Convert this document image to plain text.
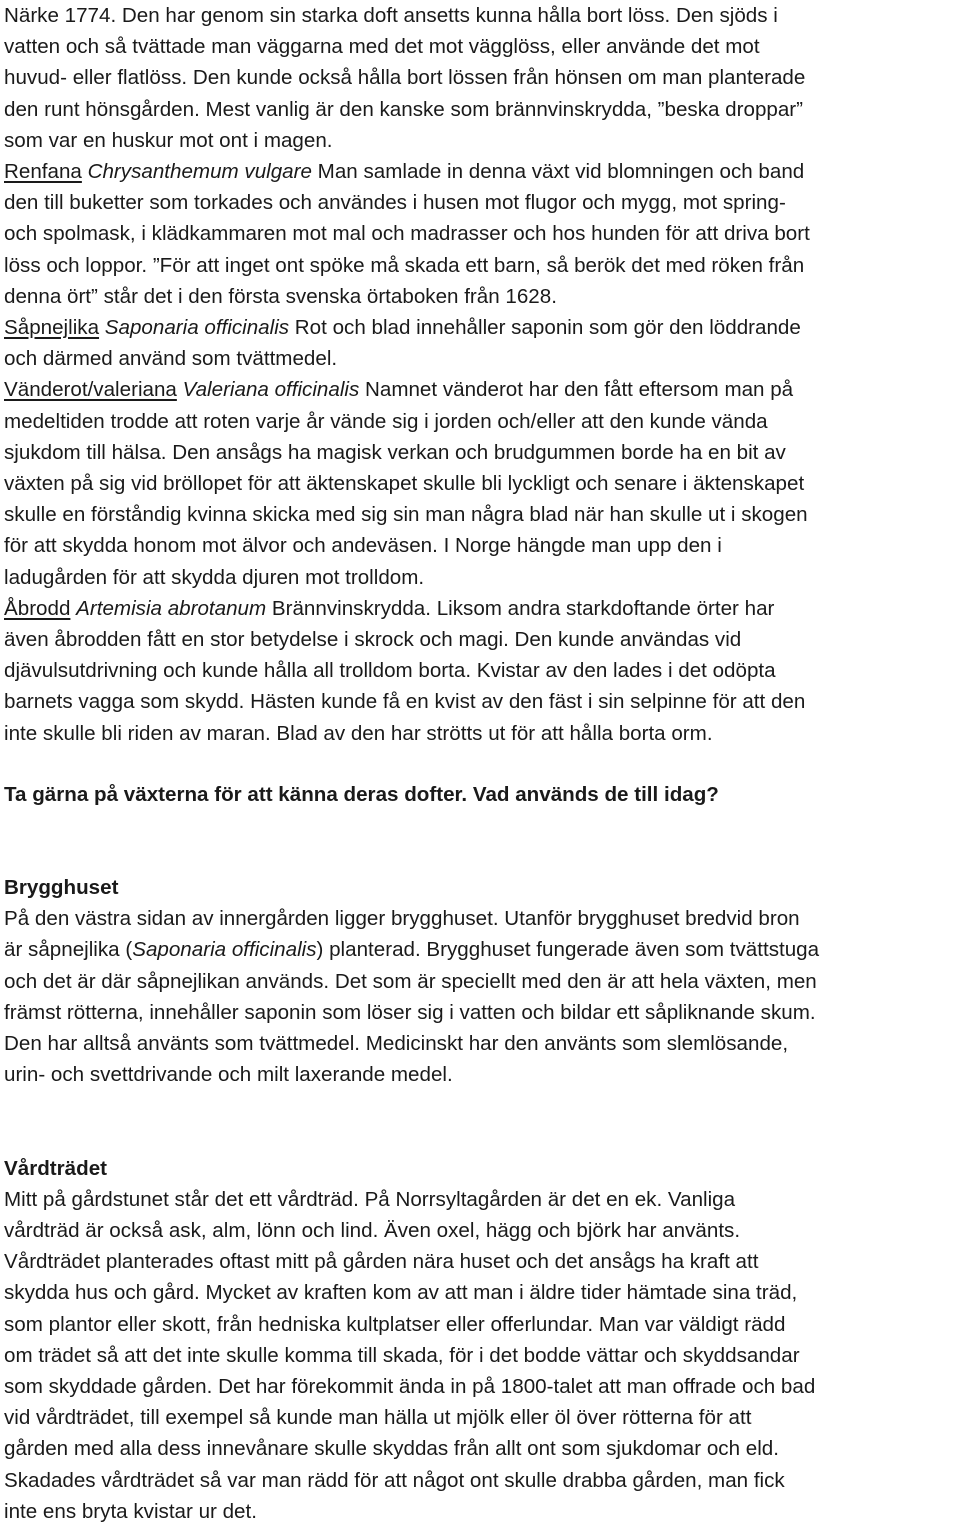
Närke 1774. Den har genom sin starka doft ansetts kunna hålla bort löss. Den sjöds i
vatten och så tvättade man väggarna med det mot vägglöss, eller använde det mot
huvud- eller flatlöss. Den kunde också hålla bort lössen från hönsen om man planterade
den runt hönsgården. Mest vanlig är den kanske som brännvinskrydda, ”beska droppar”
som var en huskur mot ont i magen.
Renfana Chrysanthemum vulgare Man samlade in denna växt vid blomningen och band
den till buketter som torkades och användes i husen mot flugor och mygg, mot spring-
och spolmask, i klädkammaren mot mal och madrasser och hos hunden för att driva bort
löss och loppor. ”För att inget ont spöke må skada ett barn, så berök det med röken från
denna ört” står det i den första svenska örtaboken från 1628.
Såpnejlika Saponaria officinalis Rot och blad innehåller saponin som gör den löddrande
och därmed använd som tvättmedel.
Vänderot/valeriana Valeriana officinalis Namnet vänderot har den fått eftersom man på
medeltiden trodde att roten varje år vände sig i jorden och/eller att den kunde vända
sjukdom till hälsa. Den ansågs ha magisk verkan och brudgummen borde ha en bit av
växten på sig vid bröllopet för att äktenskapet skulle bli lyckligt och senare i äktenskapet
skulle en förståndig kvinna skicka med sig sin man några blad när han skulle ut i skogen
för att skydda honom mot älvor och andeväsen. I Norge hängde man upp den i
ladugården för att skydda djuren mot trolldom.
Åbrodd Artemisia abrotanum Brännvinskrydda. Liksom andra starkdoftande örter har
även åbrodden fått en stor betydelse i skrock och magi. Den kunde användas vid
djävulsutdrivning och kunde hålla all trolldom borta. Kvistar av den lades i det odöpta
barnets vagga som skydd. Hästen kunde få en kvist av den fäst i sin selpinne för att den
inte skulle bli riden av maran. Blad av den har strötts ut för att hålla borta orm.
Ta gärna på växterna för att känna deras dofter. Vad används de till idag?
Brygghuset
På den västra sidan av innergården ligger brygghuset. Utanför brygghuset bredvid bron
är såpnejlika (Saponaria officinalis) planterad. Brygghuset fungerade även som tvättstuga
och det är där såpnejlikan används. Det som är speciellt med den är att hela växten, men
främst rötterna, innehåller saponin som löser sig i vatten och bildar ett såpliknande skum.
Den har alltså använts som tvättmedel. Medicinskt har den använts som slemlösande,
urin- och svettdrivande och milt laxerande medel.
Vårdträdet
Mitt på gårdstunet står det ett vårdträd. På Norrsyltagården är det en ek. Vanliga
vårdträd är också ask, alm, lönn och lind. Även oxel, hägg och björk har använts.
Vårdträdet planterades oftast mitt på gården nära huset och det ansågs ha kraft att
skydda hus och gård. Mycket av kraften kom av att man i äldre tider hämtade sina träd,
som plantor eller skott, från hedniska kultplatser eller offerlundar. Man var väldigt rädd
om trädet så att det inte skulle komma till skada, för i det bodde vättar och skyddsandar
som skyddade gården. Det har förekommit ända in på 1800-talet att man offrade och bad
vid vårdträdet, till exempel så kunde man hälla ut mjölk eller öl över rötterna för att
gården med alla dess innevånare skulle skyddas från allt ont som sjukdomar och eld.
Skadades vårdträdet så var man rädd för att något ont skulle drabba gården, man fick
inte ens bryta kvistar ur det.
